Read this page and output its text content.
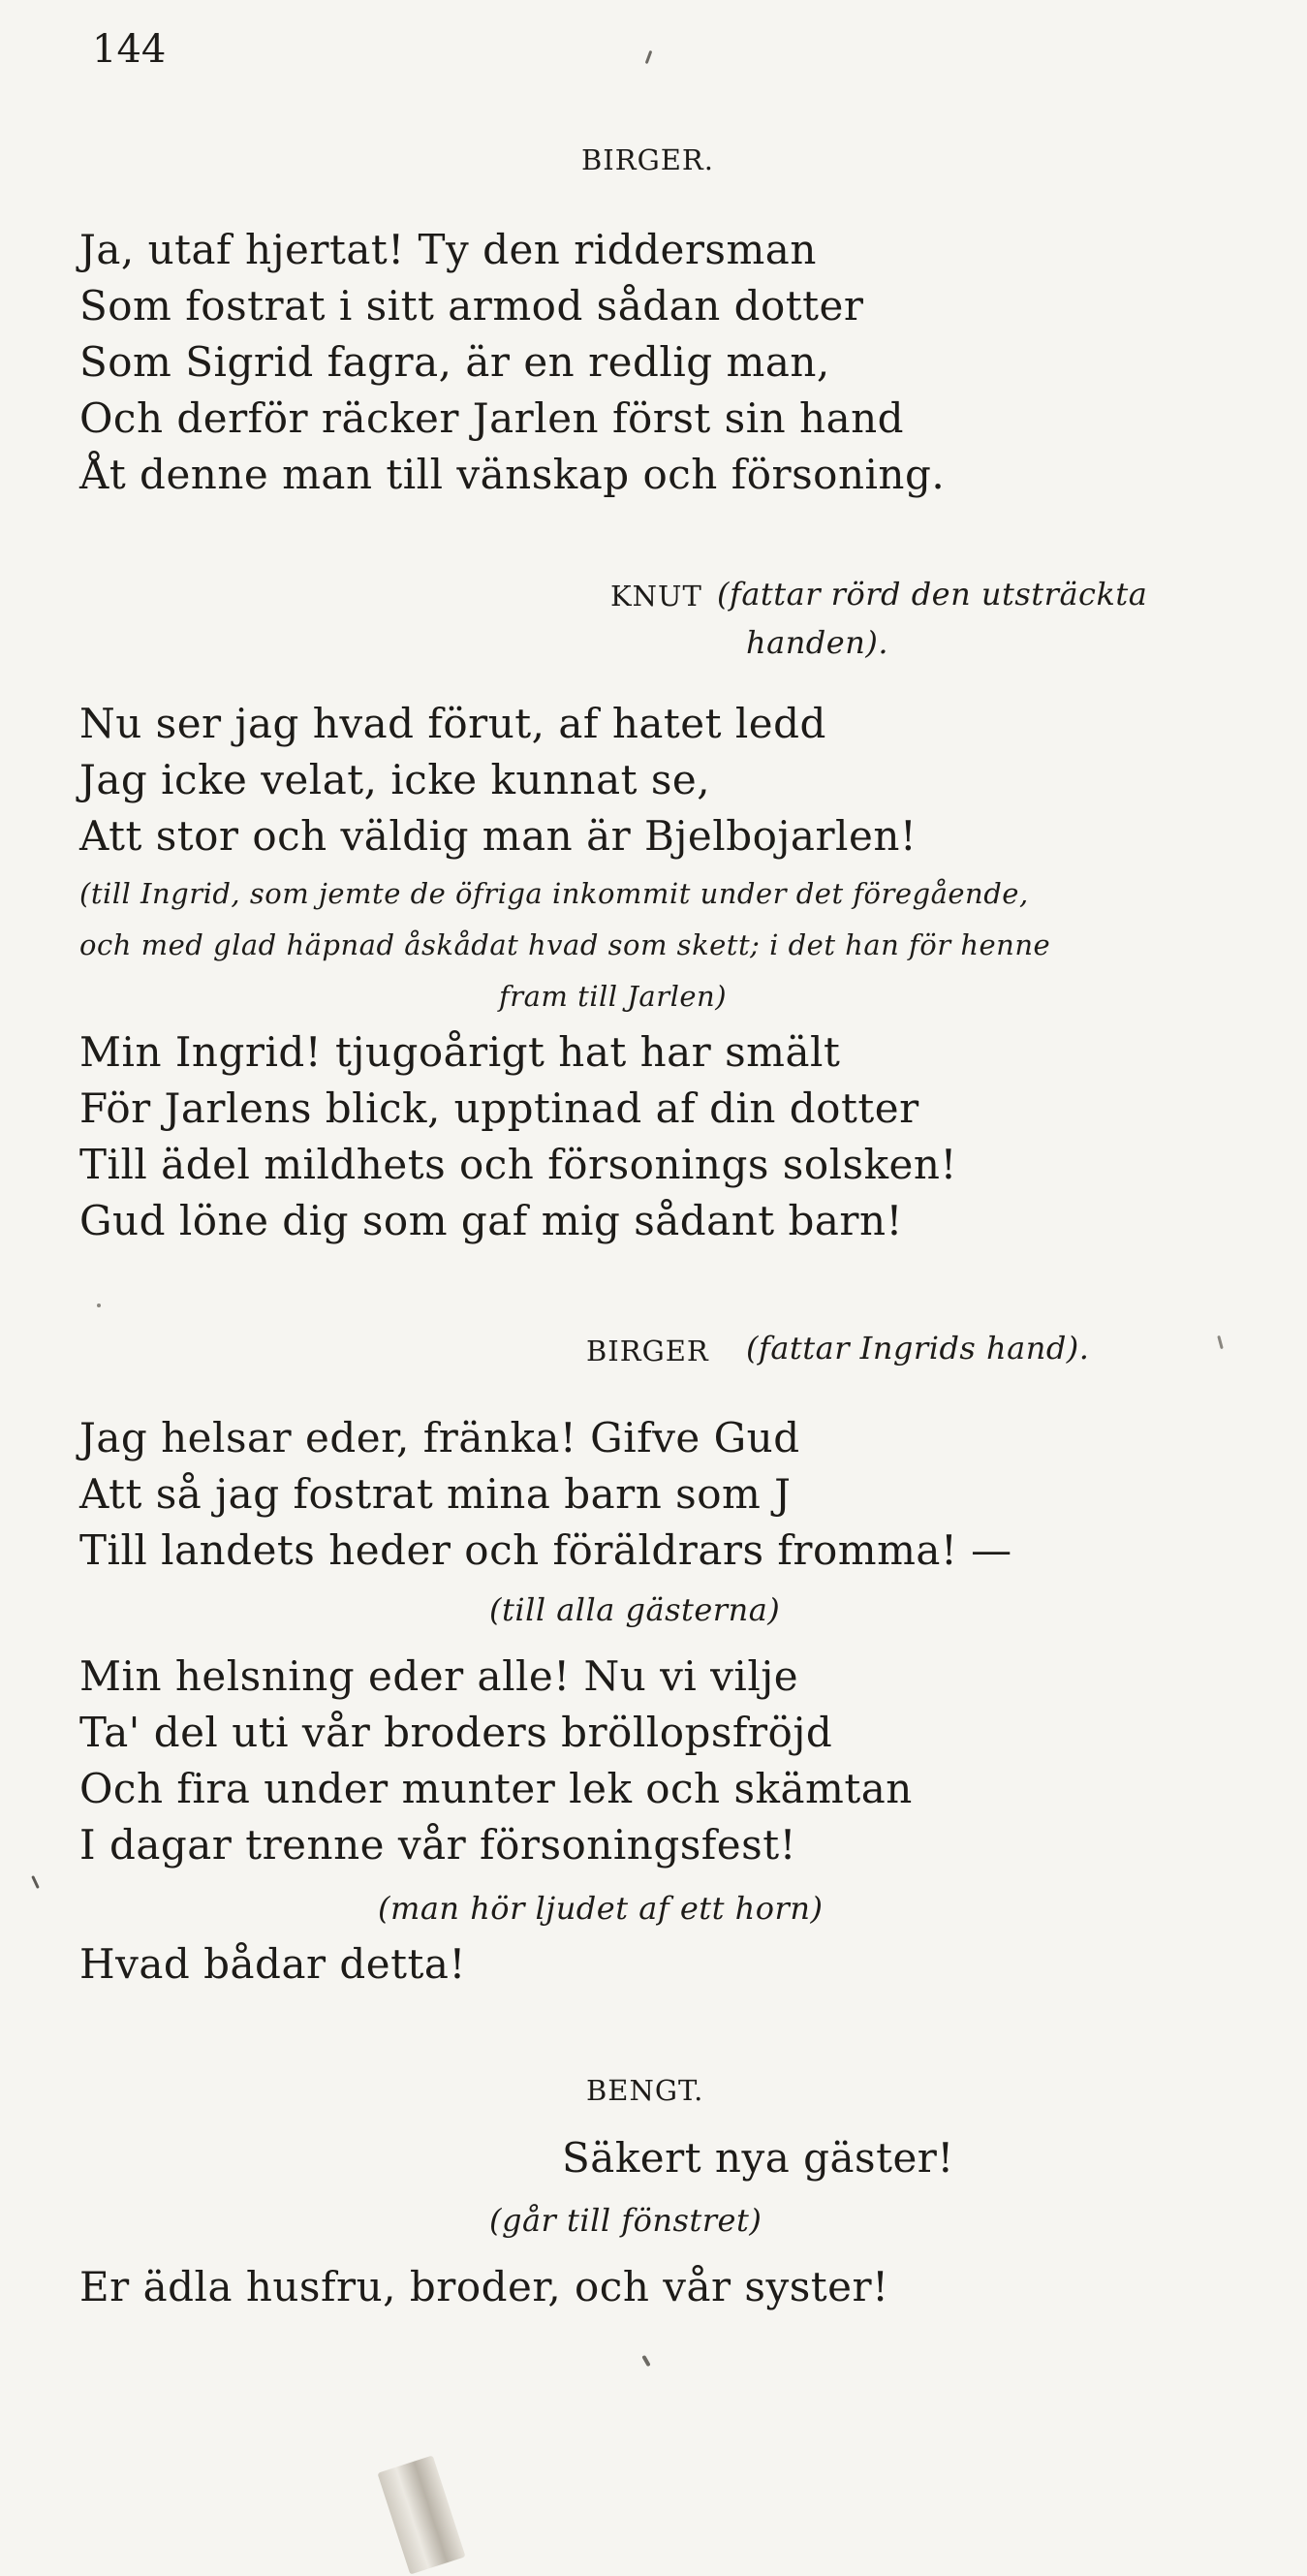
144
BIRGER.
Ja, utaf hjertat! Ty den riddersman
Som fostrat i sitt armod sådan dotter
Som Sigrid fagra, är en redlig man,
Och derför räcker Jarlen först sin hand
Åt denne man till vänskap och försoning.
KNUT (fattar rörd den utsträckta
handen).
Nu ser jag hvad förut, af hatet ledd
Jag icke velat, icke kunnat se,
Att stor och väldig man är Bjelbojarlen!
(till Ingrid, som jemte de öfriga inkommit under det föregående,
och med glad häpnad åskådat hvad som skett; i det han för henne
fram till Jarlen)
Min Ingrid! tjugoårigt hat har smält
För Jarlens blick, upptinad af din dotter
Till ädel mildhets och försonings solsken!
Gud löne dig som gaf mig sådant barn!
BIRGER (fattar Ingrids hand).
Jag helsar eder, fränka! Gifve Gud
Att så jag fostrat mina barn som J
Till landets heder och föräldrars fromma! —
(till alla gästerna)
Min helsning eder alle! Nu vi vilje
Ta' del uti vår broders bröllopsfröjd
Och fira under munter lek och skämtan
I dagar trenne vår försoningsfest!
(man hör ljudet af ett horn)
Hvad bådar detta!
BENGT.
Säkert nya gäster!
(går till fönstret)
Er ädla husfru, broder, och vår syster!
